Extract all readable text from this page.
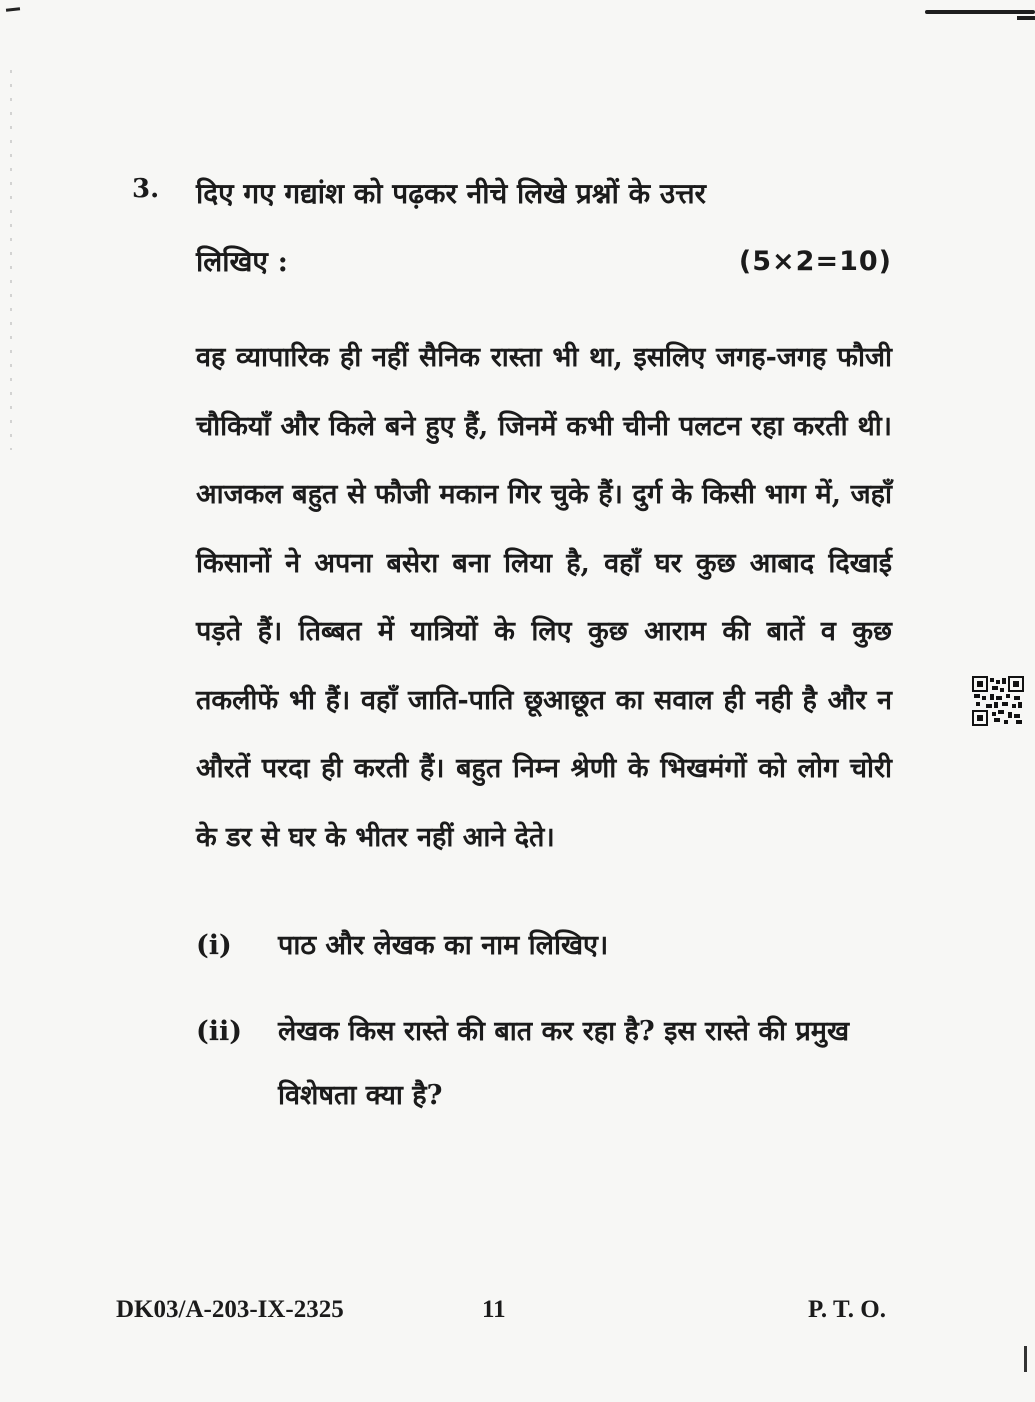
3. दिए गए गद्यांश को पढ़कर नीचे लिखे प्रश्नों के उत्तर
लिखिए :	(5×2=10)
वह व्यापारिक ही नहीं सैनिक रास्ता भी था, इसलिए जगह-जगह फौजी चौकियाँ और किले बने हुए हैं, जिनमें कभी चीनी पलटन रहा करती थी। आजकल बहुत से फौजी मकान गिर चुके हैं। दुर्ग के किसी भाग में, जहाँ किसानों ने अपना बसेरा बना लिया है, वहाँ घर कुछ आबाद दिखाई पड़ते हैं। तिब्बत में यात्रियों के लिए कुछ आराम की बातें व कुछ तकलीफें भी हैं। वहाँ जाति-पाति छूआछूत का सवाल ही नही है और न औरतें परदा ही करती हैं। बहुत निम्न श्रेणी के भिखमंगों को लोग चोरी के डर से घर के भीतर नहीं आने देते।
(i)	पाठ और लेखक का नाम लिखिए।
(ii)	लेखक किस रास्ते की बात कर रहा है? इस रास्ते की प्रमुख विशेषता क्या है?
DK03/A-203-IX-2325	11	P. T. O.
